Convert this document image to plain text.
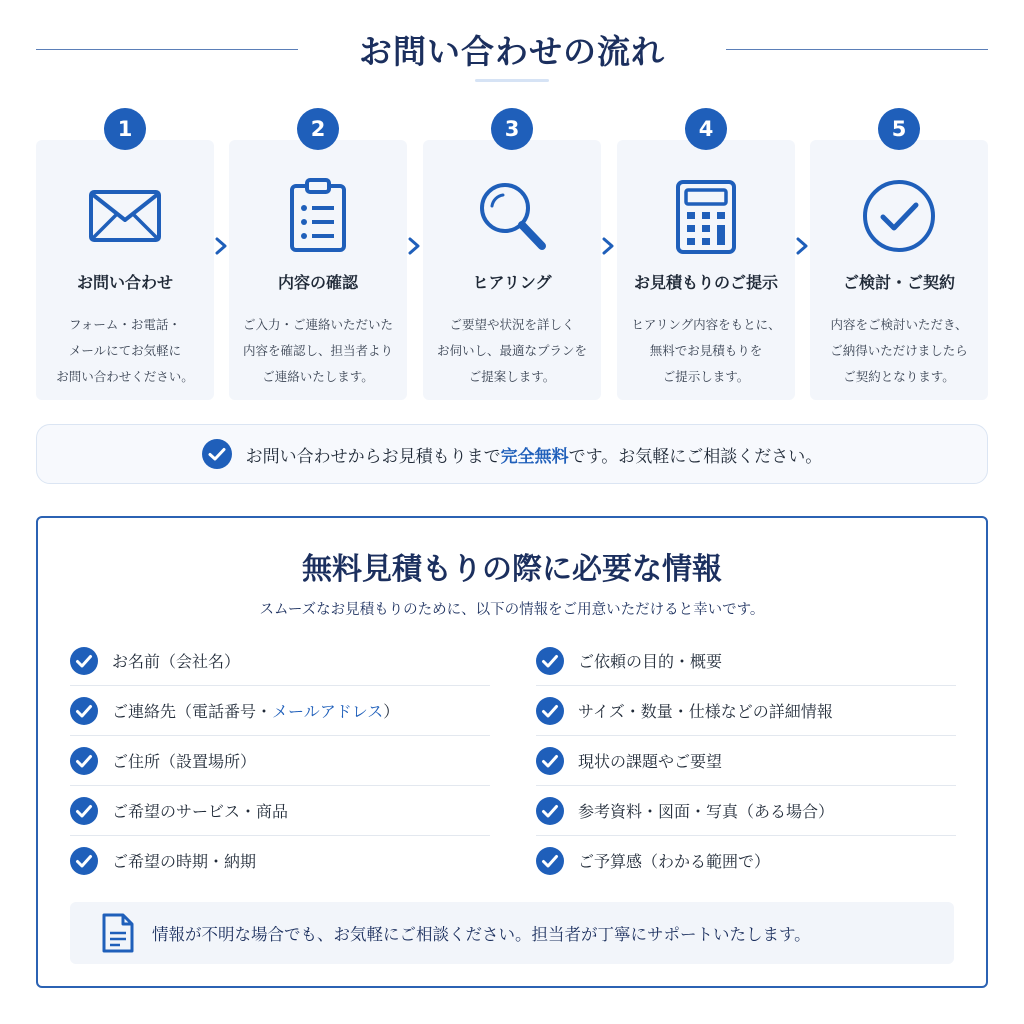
お問い合わせの流れ
1
お問い合わせ
フォーム・お電話・
メールにてお気軽に
お問い合わせください。
2
内容の確認
ご入力・ご連絡いただいた
内容を確認し、担当者より
ご連絡いたします。
3
ヒアリング
ご要望や状況を詳しく
お伺いし、最適なプランを
ご提案します。
4
お見積もりのご提示
ヒアリング内容をもとに、
無料でお見積もりを
ご提示します。
5
ご検討・ご契約
内容をご検討いただき、
ご納得いただけましたら
ご契約となります。
お問い合わせからお見積もりまで完全無料です。お気軽にご相談ください。
無料見積もりの際に必要な情報
スムーズなお見積もりのために、以下の情報をご用意いただけると幸いです。
お名前（会社名）
ご連絡先（電話番号・メールアドレス）
ご住所（設置場所）
ご希望のサービス・商品
ご希望の時期・納期
ご依頼の目的・概要
サイズ・数量・仕様などの詳細情報
現状の課題やご要望
参考資料・図面・写真（ある場合）
ご予算感（わかる範囲で）
情報が不明な場合でも、お気軽にご相談ください。担当者が丁寧にサポートいたします。
